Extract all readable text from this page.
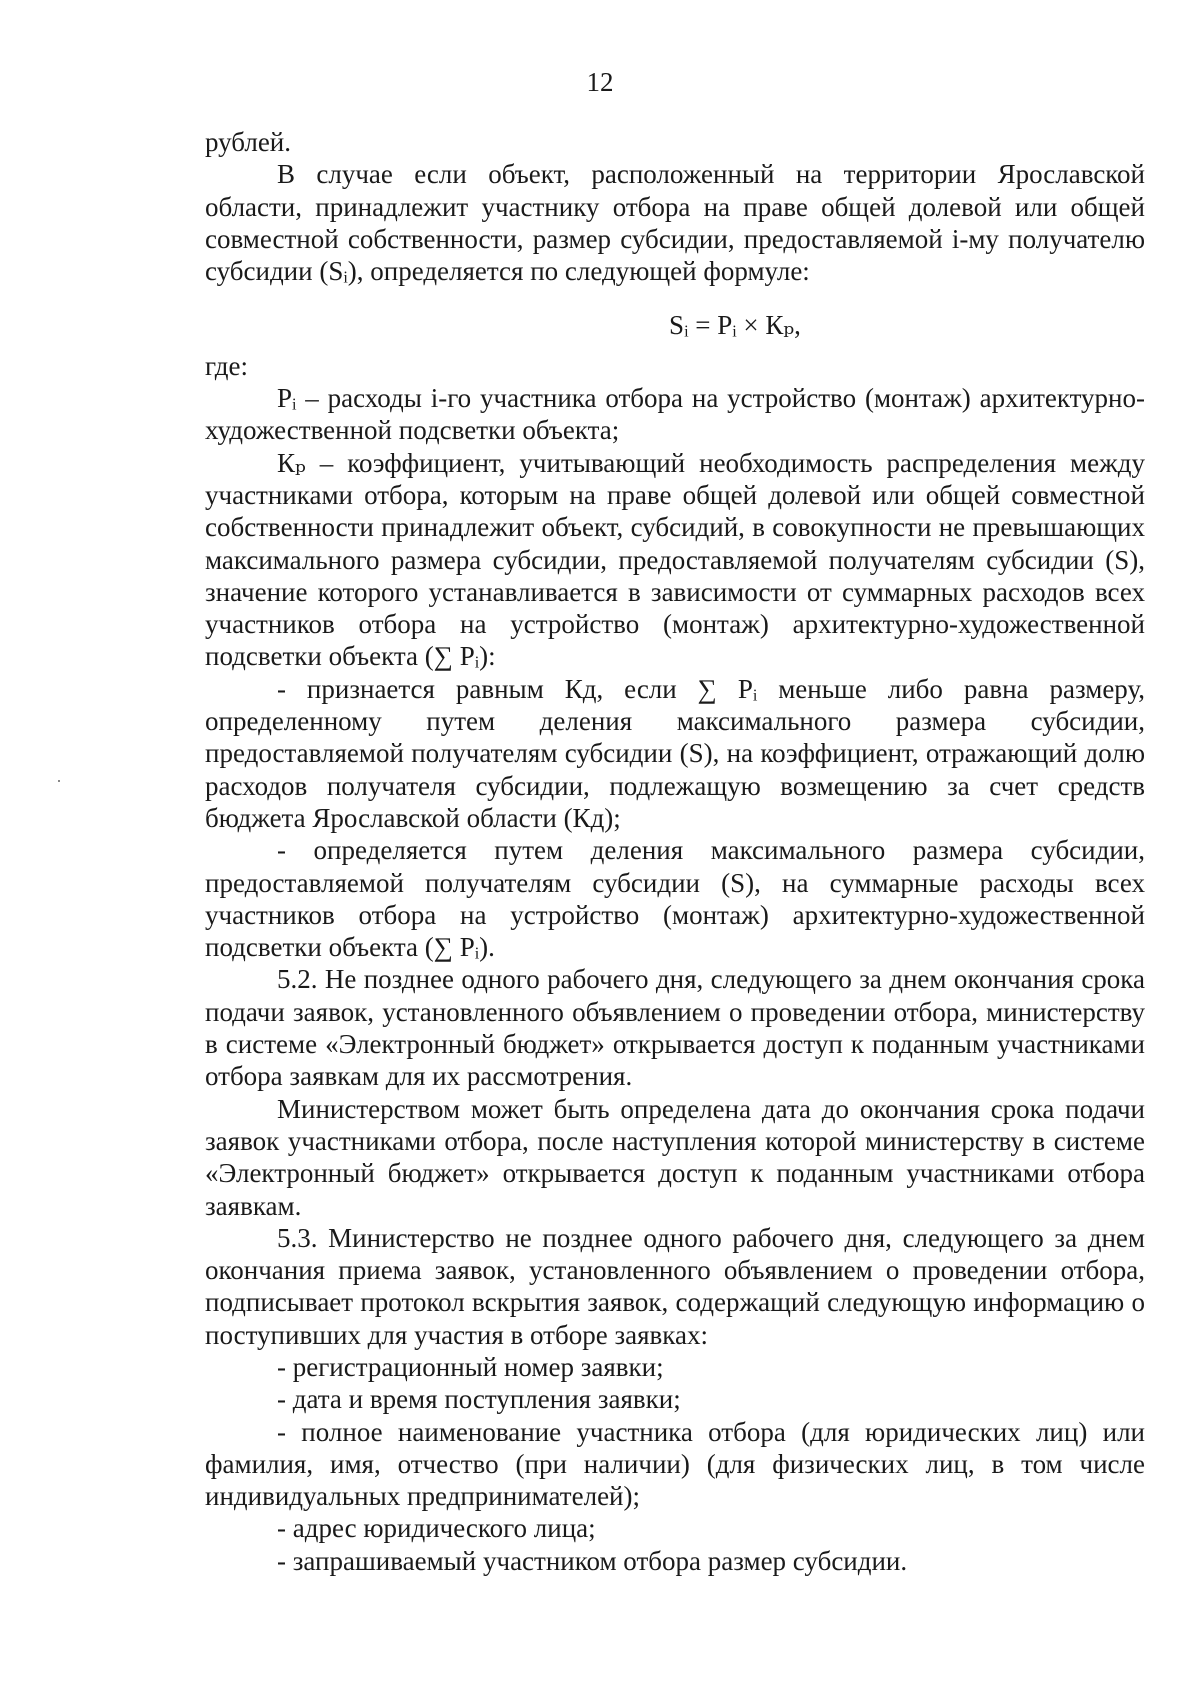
12

рублей.

В случае если объект, расположенный на территории Ярославской области, принадлежит участнику отбора на праве общей долевой или общей совместной собственности, размер субсидии, предоставляемой i-му получателю субсидии (Sᵢ), определяется по следующей формуле:

Sᵢ = Pᵢ × Кₚ,

где:

Pᵢ – расходы i-го участника отбора на устройство (монтаж) архитектурно-художественной подсветки объекта;

Кₚ – коэффициент, учитывающий необходимость распределения между участниками отбора, которым на праве общей долевой или общей совместной собственности принадлежит объект, субсидий, в совокупности не превышающих максимального размера субсидии, предоставляемой получателям субсидии (S), значение которого устанавливается в зависимости от суммарных расходов всех участников отбора на устройство (монтаж) архитектурно-художественной подсветки объекта (∑ Pᵢ):

- признается равным Кд, если ∑ Pᵢ меньше либо равна размеру, определенному путем деления максимального размера субсидии, предоставляемой получателям субсидии (S), на коэффициент, отражающий долю расходов получателя субсидии, подлежащую возмещению за счет средств бюджета Ярославской области (Кд);

- определяется путем деления максимального размера субсидии, предоставляемой получателям субсидии (S), на суммарные расходы всех участников отбора на устройство (монтаж) архитектурно-художественной подсветки объекта (∑ Pᵢ).

5.2. Не позднее одного рабочего дня, следующего за днем окончания срока подачи заявок, установленного объявлением о проведении отбора, министерству в системе «Электронный бюджет» открывается доступ к поданным участниками отбора заявкам для их рассмотрения.

Министерством может быть определена дата до окончания срока подачи заявок участниками отбора, после наступления которой министерству в системе «Электронный бюджет» открывается доступ к поданным участниками отбора заявкам.

5.3. Министерство не позднее одного рабочего дня, следующего за днем окончания приема заявок, установленного объявлением о проведении отбора, подписывает протокол вскрытия заявок, содержащий следующую информацию о поступивших для участия в отборе заявках:

- регистрационный номер заявки;

- дата и время поступления заявки;

- полное наименование участника отбора (для юридических лиц) или фамилия, имя, отчество (при наличии) (для физических лиц, в том числе индивидуальных предпринимателей);

- адрес юридического лица;

- запрашиваемый участником отбора размер субсидии.
